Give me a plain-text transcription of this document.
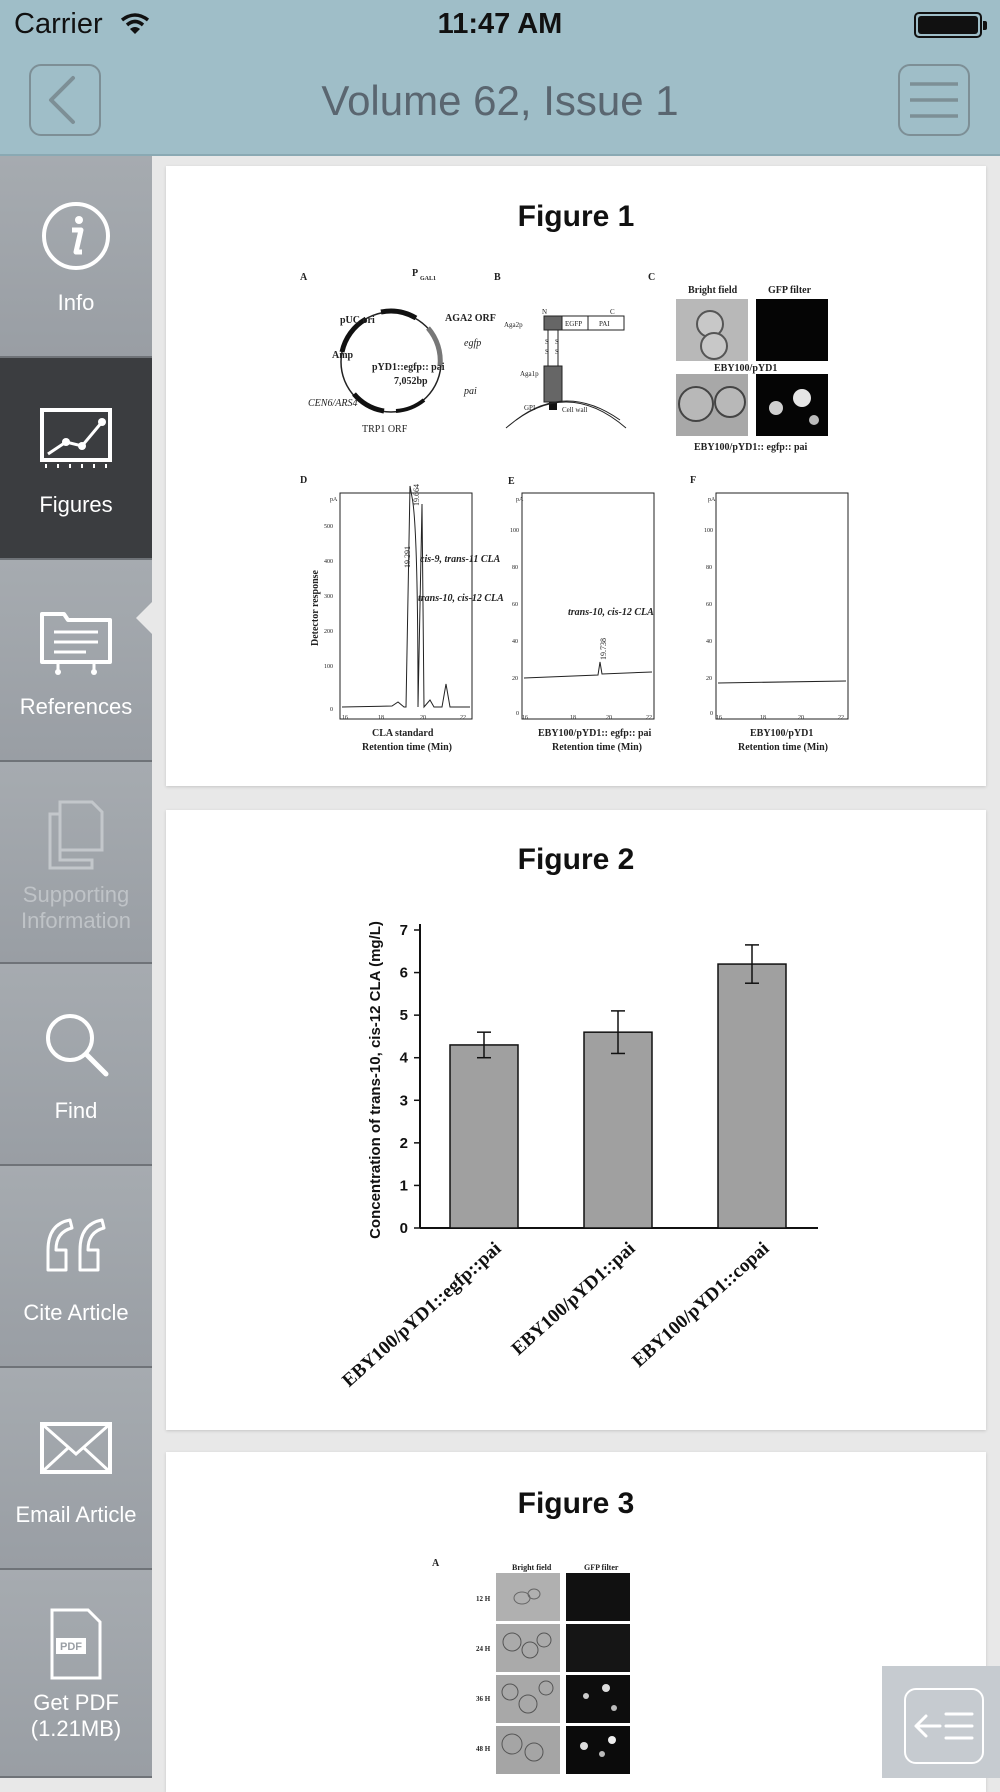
Carrier	11:47 AM
Volume 62, Issue 1
Info
Figures
References
Supporting Information
Find
Cite Article
Email Article
PDF
Get PDF (1.21MB)
Figure 1
A	P GAL1
AGA2 ORF
egfp
pUC ori
Amp
pYD1::egfp:: pai
7,052bp
pai
CEN6/ARS4
TRP1 ORF
B
N	C
Aga2p	EGFP PAI
S S
S S
Aga1p
GPI	Cell wall
C
Bright field	GFP filter
EBY100/pYD1
EBY100/pYD1:: egfp:: pai
D
pA
500
400
300
200
100
0
Detector response
19.664
19.291 cis-9, trans-11 CLA
trans-10, cis-12 CLA
16	18	20	22
CLA standard
Retention time (Min)
E
pA
100
80
60
40
20
0
19.738
trans-10, cis-12 CLA
16	18	20	22
EBY100/pYD1:: egfp:: pai
Retention time (Min)
F
pA
100
80
60
40
20
0
16	18	20	22
EBY100/pYD1
Retention time (Min)
Figure 2
0
1
2
3
4
5
6
7
Concentration of trans-10, cis-12 CLA (mg/L)
EBY100/pYD1::egfp::pai EBY100/pYD1::pai
EBY100/pYD1::copai
Figure 3
A	Bright field	GFP filter
12 H
24 H
36 H
48 H
